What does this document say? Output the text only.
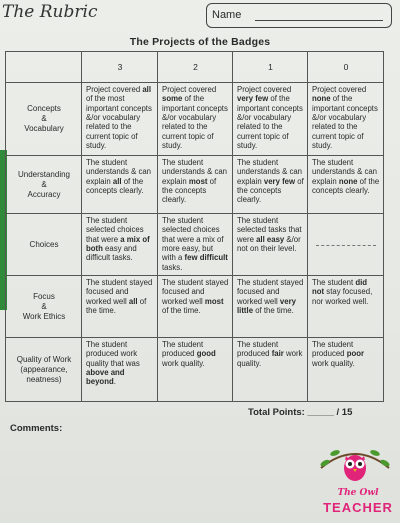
The Rubric	Name
The Projects of the Badges
	3	2	1	0

Concepts
&
Vocabulary	Project covered all of the most important concepts &/or vocabulary related to the current topic of study.	Project covered some of the important concepts &/or vocabulary related to the current topic of study.	Project covered very few of the important concepts &/or vocabulary related to the current topic of study.	Project covered none of the important concepts &/or vocabulary related to the current topic of study.

Understanding
&
Accuracy	The student understands & can explain all of the concepts clearly.	The student understands & can explain most of the concepts clearly.	The student understands & can explain very few of the concepts clearly.	The student understands & can explain none of the concepts clearly.

Choices	The student selected choices that were a mix of both easy and difficult tasks.	The student selected choices that were a mix of more easy, but with a few difficult tasks.	The student selected tasks that were all easy &/or not on their level.	

Focus
&
Work Ethics	The student stayed focused and worked well all of the time.	The student stayed focused and worked well most of the time.	The student stayed focused and worked well very little of the time.	The student did not stay focused, nor worked well.

Quality of Work
(appearance,
neatness)	The student produced work quality that was above and beyond.	The student produced good work quality.	The student produced fair work quality.	The student produced poor work quality.
Total Points: _____ / 15
Comments:
The Owl
TEACHER
